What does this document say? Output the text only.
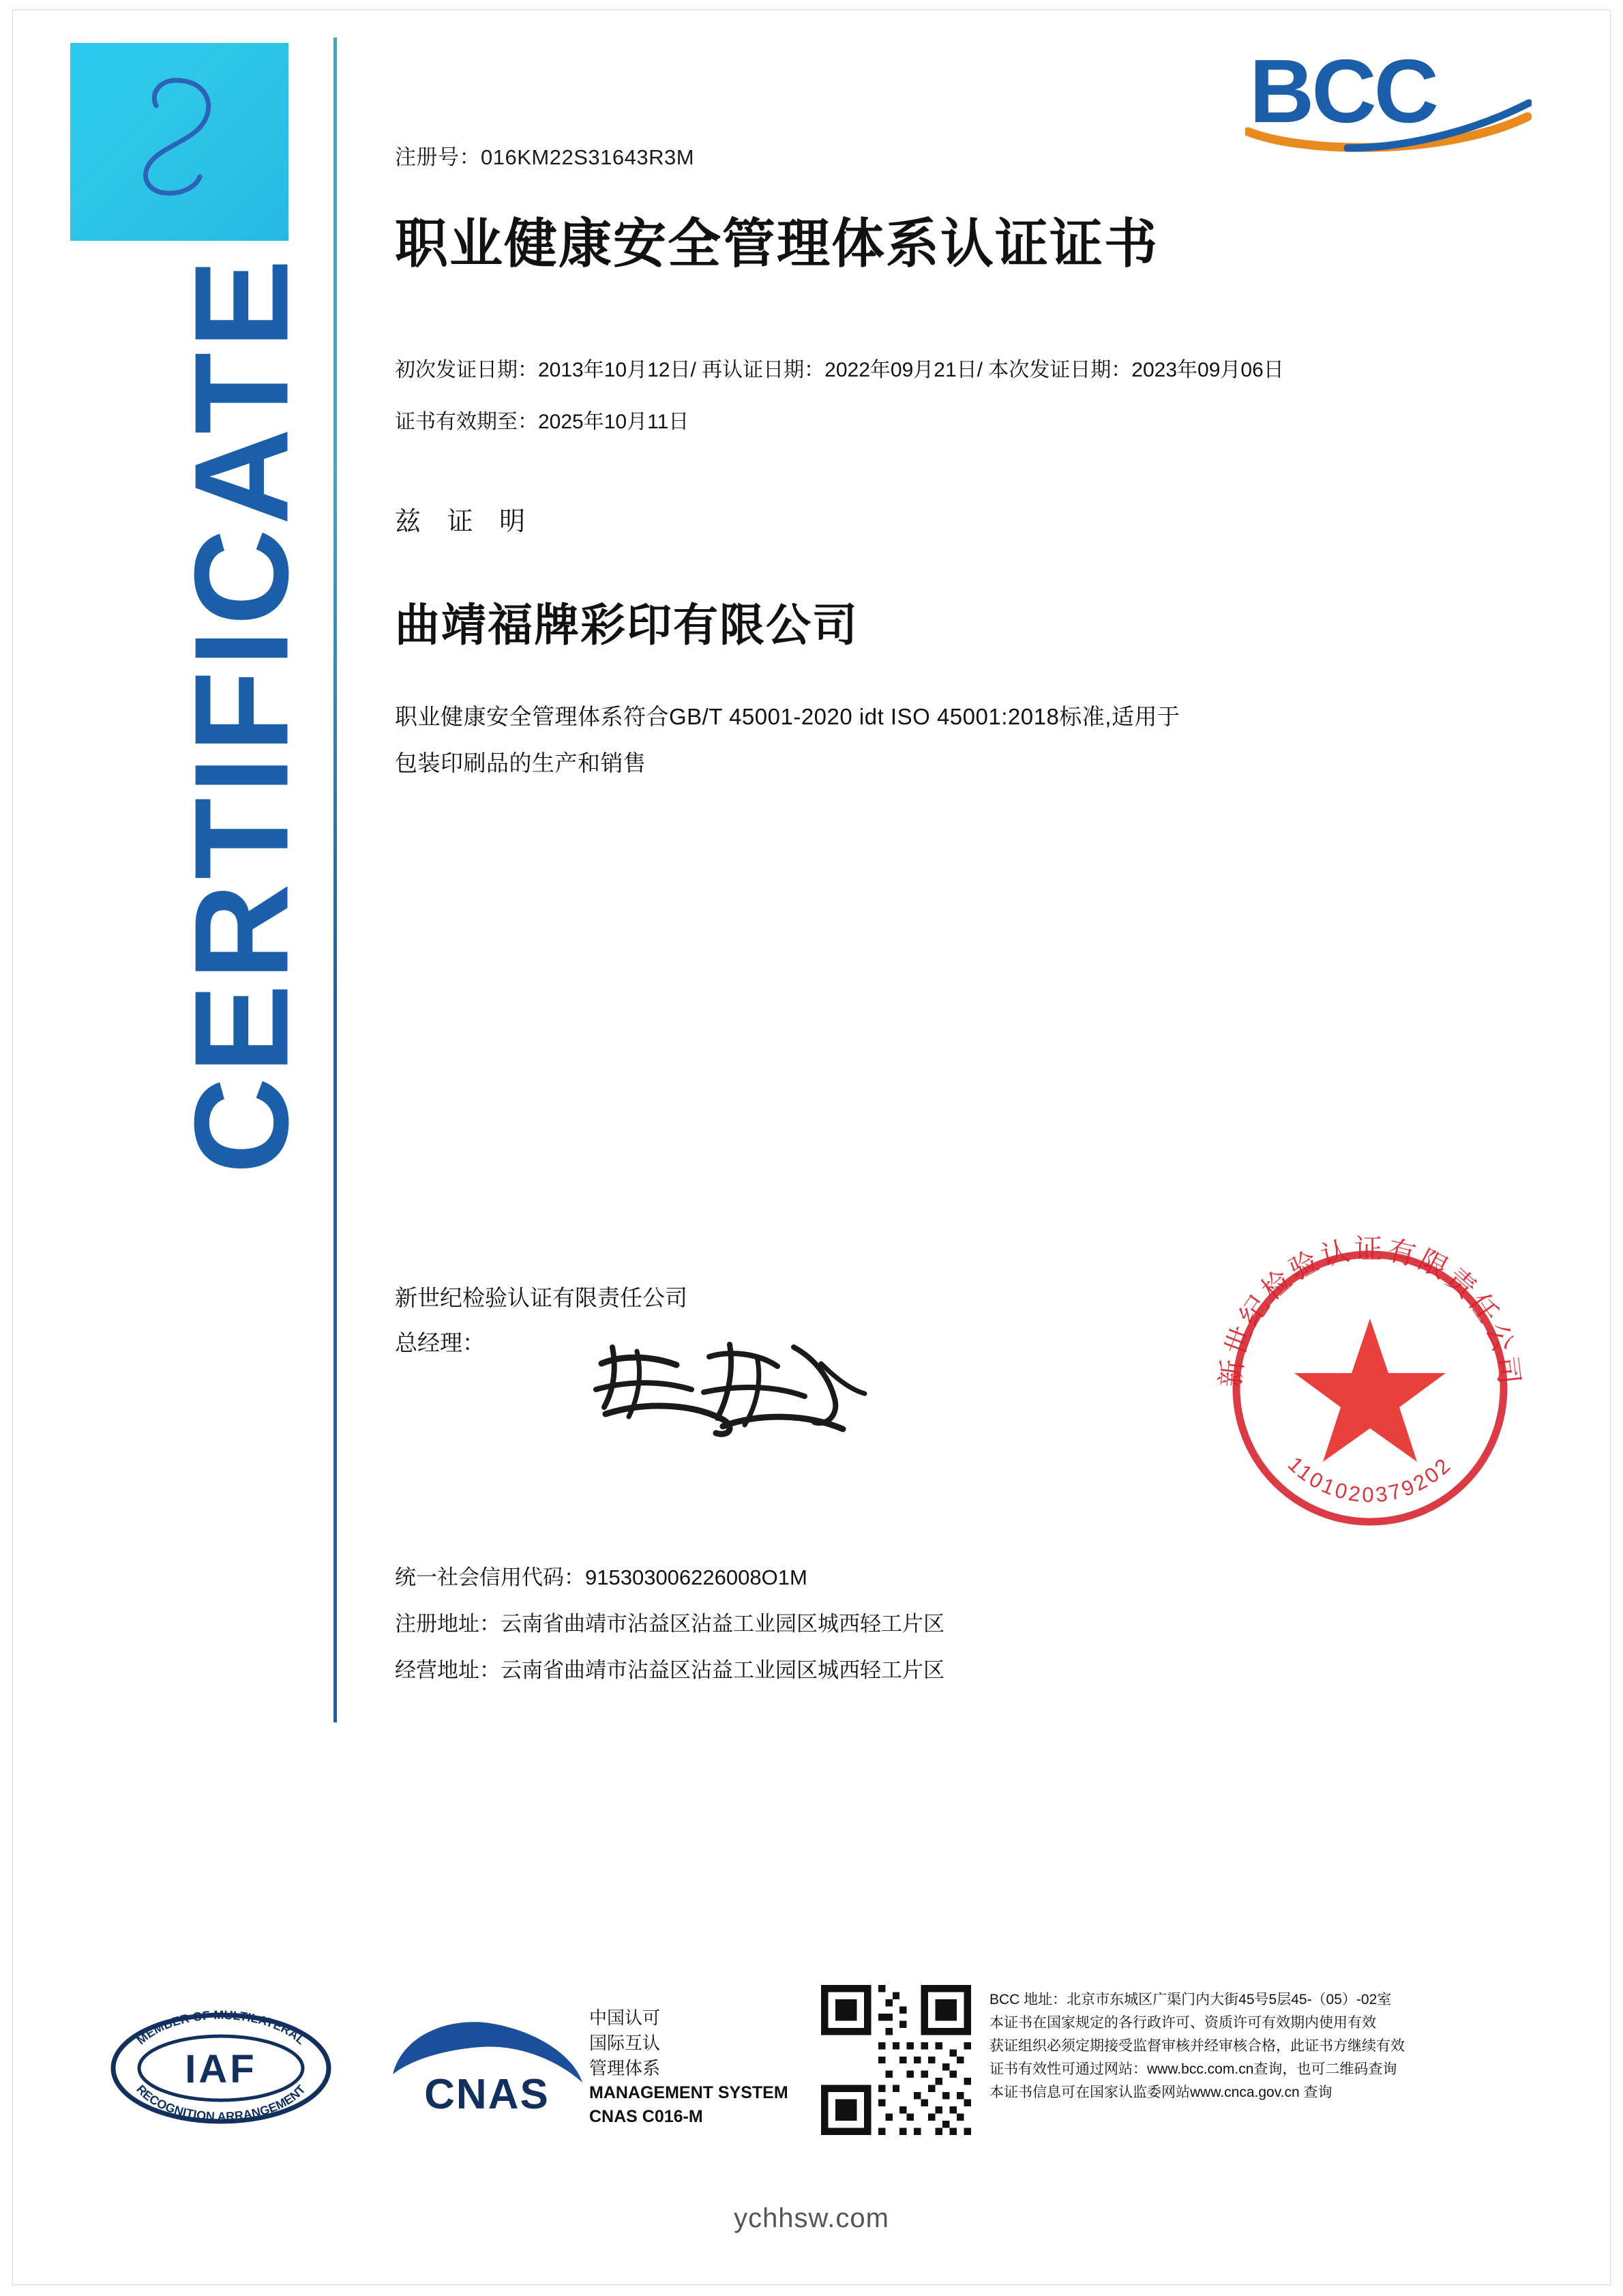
CERTIFICATE
BCC
注册号：016KM22S31643R3M
职业健康安全管理体系认证证书
初次发证日期：2013年10月12日/ 再认证日期：2022年09月21日/ 本次发证日期：2023年09月06日
证书有效期至：2025年10月11日
兹 证 明
曲靖福牌彩印有限公司
职业健康安全管理体系符合GB/T 45001-2020 idt ISO 45001:2018标准,适用于
包装印刷品的生产和销售
新世纪检验认证有限责任公司
总经理：
统一社会信用代码：915303006226008O1M
注册地址：云南省曲靖市沾益区沾益工业园区城西轻工片区
经营地址：云南省曲靖市沾益区沾益工业园区城西轻工片区
新世纪检验认证有限责任公司
1101020379202
IAF
MEMBER OF MULTILATERAL
RECOGNITION ARRANGEMENT	CNAS
中国认可
国际互认
管理体系
MANAGEMENT SYSTEM
CNAS C016-M
BCC 地址：北京市东城区广渠门内大街45号5层45-（05）-02室
本证书在国家规定的各行政许可、资质许可有效期内使用有效
获证组织必须定期接受监督审核并经审核合格，此证书方继续有效
证书有效性可通过网站：www.bcc.com.cn查询，也可二维码查询
本证书信息可在国家认监委网站www.cnca.gov.cn 查询
ychhsw.com
